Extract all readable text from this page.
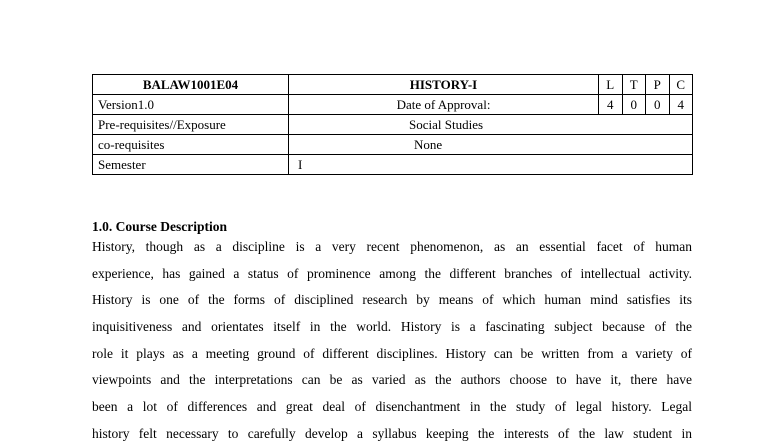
BALAW1001E04	HISTORY-I	L	T	P	C
Version1.0	Date of Approval:	4	0	0	4
Pre-requisites//Exposure	Social Studies				
co-requisites	None				
Semester	I				
1.0. Course Description
History, though as a discipline is a very recent phenomenon, as an essential facet of human
experience, has gained a status of prominence among the different branches of intellectual activity.
History is one of the forms of disciplined research by means of which human mind satisfies its
inquisitiveness and orientates itself in the world. History is a fascinating subject because of the
role it plays as a meeting ground of different disciplines. History can be written from a variety of
viewpoints and the interpretations can be as varied as the authors choose to have it, there have
been a lot of differences and great deal of disenchantment in the study of legal history. Legal
history felt necessary to carefully develop a syllabus keeping the interests of the law student in
